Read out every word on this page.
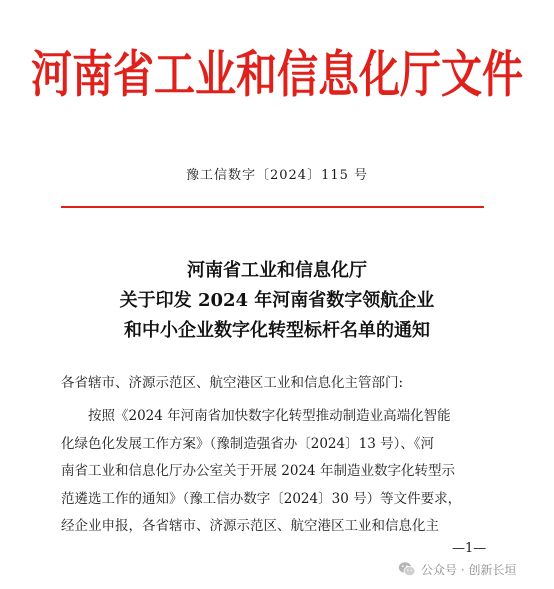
河南省工业和信息化厅文件
豫工信数字〔2024〕115 号
河南省工业和信息化厅
关于印发 2024 年河南省数字领航企业
和中小企业数字化转型标杆名单的通知
各省辖市、济源示范区、航空港区工业和信息化主管部门:
　　按照《2024 年河南省加快数字化转型推动制造业高端化智能
化绿色化发展工作方案》（豫制造强省办〔2024〕13 号）、《河
南省工业和信息化厅办公室关于开展 2024 年制造业数字化转型示
范遴选工作的通知》（豫工信办数字〔2024〕30 号）等文件要求，
经企业申报，各省辖市、济源示范区、航空港区工业和信息化主
—1—
公众号 · 创新长垣
